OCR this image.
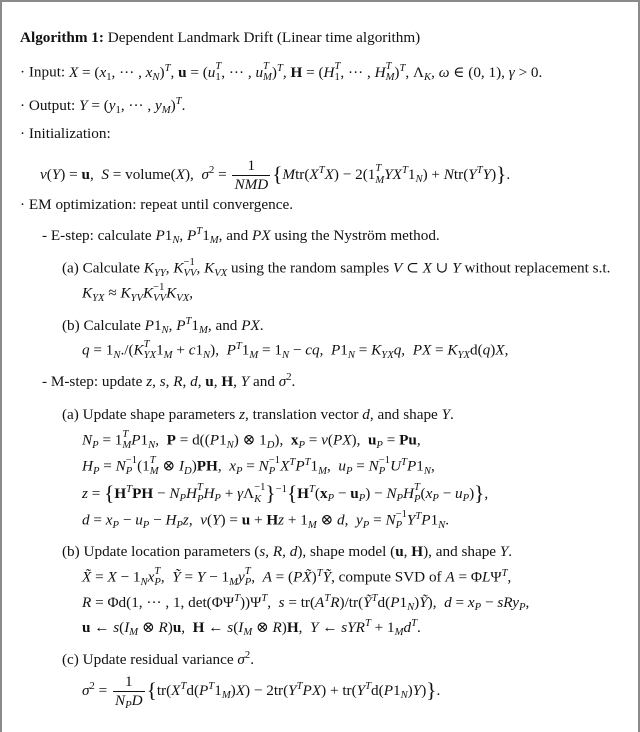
Algorithm 1: Dependent Landmark Drift (Linear time algorithm)
· Input: $X = (x_1$, ··· , $x_N)^T$, u = (u T
1 , ··· , u T
M )$^T$, H = (H T
1 , ··· , H T
M )$^T$, $\Lambda_K$, ω ∈ (0, 1), γ > 0.
· Output: $Y = (y_1$, ··· , $y_M)^T$.
· Initialization:
v(Y) = u,  S = volume(X),  $\sigma^2 = \frac{1}{\text{NMD}} \{Mtr(X^TX) - 2(1$ T
M $YX^T1_N) + Ntr(Y^TY)$}.
· EM optimization: repeat until convergence.
- E-step: calculate $P1_N$, $P^T1_M$, and PX using the Nyström method.
(a) Calculate $K_{YY}$, K −1
VV , $K_{VX}$ using the random samples V ⊂ X ∪ Y without replacement s.t.
$K_{YX} \approx K_{YV}K -1$
VV $K_{VX}$,
(b) Calculate $P1_N$, $P^T1_M$, and PX.
$q = 1_N./(K$ T
YX $1_M + c1_N$),  $P^T1_M = 1_N$ − cq,  $P1_N = K_{YX}q$,  PX = $K_{YX}d(q)X$,
- M-step: update z, s, R, d, u, H, Y and $\sigma^2$.
(a) Update shape parameters z, translation vector d, and shape Y.
$N_P = 1$ T
M $P1_N$,  $P = d((P1_N)$ ⊗ $1_D$),  $x_P = v(PX)$,  $u_P = Pu$,
$H_P = N -1$
P (1 T
M ⊗ $I_D)PH$,  $x_P = N -1$
P $X^TP^T1_M$,  $u_P = N -1$
P $U^TP1_N$,
$z = \{H^TPH - N_PH$ T
P $H_P + \gamma\Lambda -1$
K }$^{-1}\{H^T(x_P - u_P) - N_PH$ T
P $(x_P - u_P)$},
$d = x_P - u_P - H_Pz$,  $v(Y) = u + Hz + 1_M$ ⊗ d,  $y_P = N -1$
P $Y^TP1_N$.
(b) Update location parameters (s, R, d), shape model (u, H), and shape Y.
X̃ = $X - 1_Nx$ T
P ,  Ỹ = $Y - 1_My$ T
P ,  A = (PX̃)$^T$Ỹ, compute SVD of $A = \Phi L\Psi^T$,
R = Φd(1, ··· , 1, $\det(\Phi\Psi^T))\Psi^T$,  $s = tr(A^TR)/tr(Ỹ^Td(P1_N)Ỹ)$,  $d = x_P - sRy_P$,
u ← $s(I_M$ ⊗ R)u,  H ← $s(I_M$ ⊗ R)H,  Y ← $sYR^T + 1_Md^T$.
(c) Update residual variance $\sigma^2$.
$\sigma^2 = \frac{1}{N_PD} \{tr(X^Td(P^T1_M)X) - 2tr(Y^TPX) + tr(Y^Td(P1_N)Y)\}$.
